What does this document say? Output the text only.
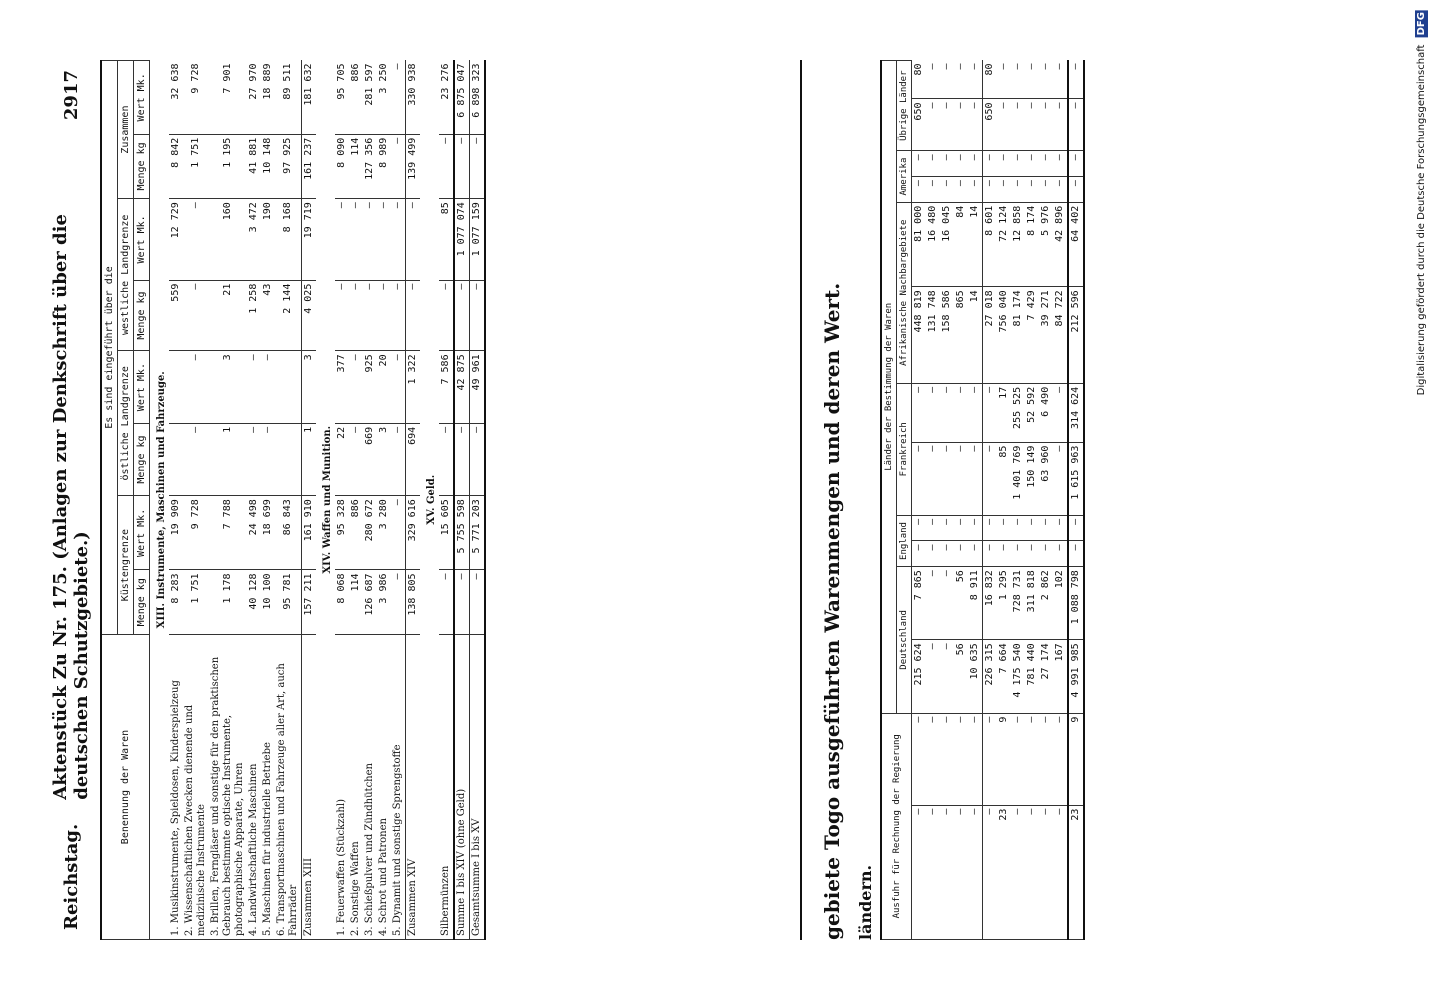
Reichstag.
Aktenstück Zu Nr. 175. (Anlagen zur Denkschrift über die deutschen Schutzgebiete.)
2917
Benennung der Waren	Es sind eingeführt über die							
	Küstengrenze		östliche Landgrenze		westliche Landgrenze		Zusammen	
	Menge kg	Wert Mk.	Menge kg	Wert Mk.	Menge kg	Wert Mk.	Menge kg	Wert Mk.
XIII. Instrumente, Maschinen und Fahrzeuge.								
1. Musikinstrumente, Spieldosen, Kinderspielzeug	8 283	19 909			559	12 729	8 842	32 638
2. Wissenschaftlichen Zwecken dienende und medizinische Instrumente	1 751	9 728	—	—	—	—	1 751	9 728
3. Brillen, Ferngläser und sonstige für den praktischen Gebrauch bestimmte optische Instrumente, photographische Apparate, Uhren	1 178	7 788	1	3	21	160	1 195	7 901
4. Landwirtschaftliche Maschinen	40 128	24 498	—	—	1 258	3 472	41 881	27 970
5. Maschinen für industrielle Betriebe	10 100	18 699	—	—	43	190	10 148	18 889
6. Transportmaschinen und Fahrzeuge aller Art, auch Fahrräder	95 781	86 843			2 144	8 168	97 925	89 511
Zusammen XIII	157 211	161 910	1	3	4 025	19 719	161 237	181 632
XIV. Waffen und Munition.								
1. Feuerwaffen (Stückzahl)	8 068	95 328	22	377	—	—	8 090	95 705
2. Sonstige Waffen	114	886	—	—	—	—	114	886
3. Schießpulver und Zündhütchen	126 687	280 672	669	925	—	—	127 356	281 597
4. Schrot und Patronen	3 986	3 280	3	20	—	—	8 989	3 250
5. Dynamit und sonstige Sprengstoffe	—	—	—	—	—	—	—	—
Zusammen XIV	138 805	329 616	694	1 322	—	—	139 499	330 938
XV. Geld.								
Silbermünzen	—	15 605	—	7 586	—	85	—	23 276
Summe I bis XIV (ohne Geld)	—	5 755 598	—	42 875	—	1 077 074	—	6 875 047
Gesamtsumme I bis XV	—	5 771 203	—	49 961	—	1 077 159	—	6 898 323
gebiete Togo ausgeführten Warenmengen und deren Wert. ländern. Ausfuhr für Rechnung der Regierung		Länder der Bestimmung der Waren											
		Deutschland		England		Frankreich		Afrikanische Nachbargebiete		Amerika		Übrige Länder	
—	—	215 624	7 865	—	—	—	—	448 819	81 000	—	—	650	80
—	—	—	—	—	—	—	—	131 748	16 480	—	—	—	—
—	—	—	—	—	—	—	—	158 586	16 045	—	—	—	—
—	—	56	56	—	—	—	—	865	84	—	—	—	—
—	—	10 635	8 911	—	—	—	—	14	14	—	—	—	—
—	—	226 315	16 832	—	—	—	—	27 018	8 601	—	—	650	80
23	9	7 664	1 295	—	—	85	17	756 040	72 124	—	—	—	—
—	—	4 175 540	728 731	—	—	1 401 769	255 525	81 174	12 858	—	—	—	—
—	—	781 440	311 818	—	—	150 149	52 592	7 429	8 174	—	—	—	—
—	—	27 174	2 862	—	—	63 960	6 490	39 271	5 976	—	—	—	—
—	—	167	102	—	—	—	—	84 722	42 896	—	—	—	—
23	9	4 991 985	1 088 798	—	—	1 615 963	314 624	212 596	64 402	—	—	—	—	Digitalisierung gefördert durch die Deutsche Forschungsgemeinschaft DFG
